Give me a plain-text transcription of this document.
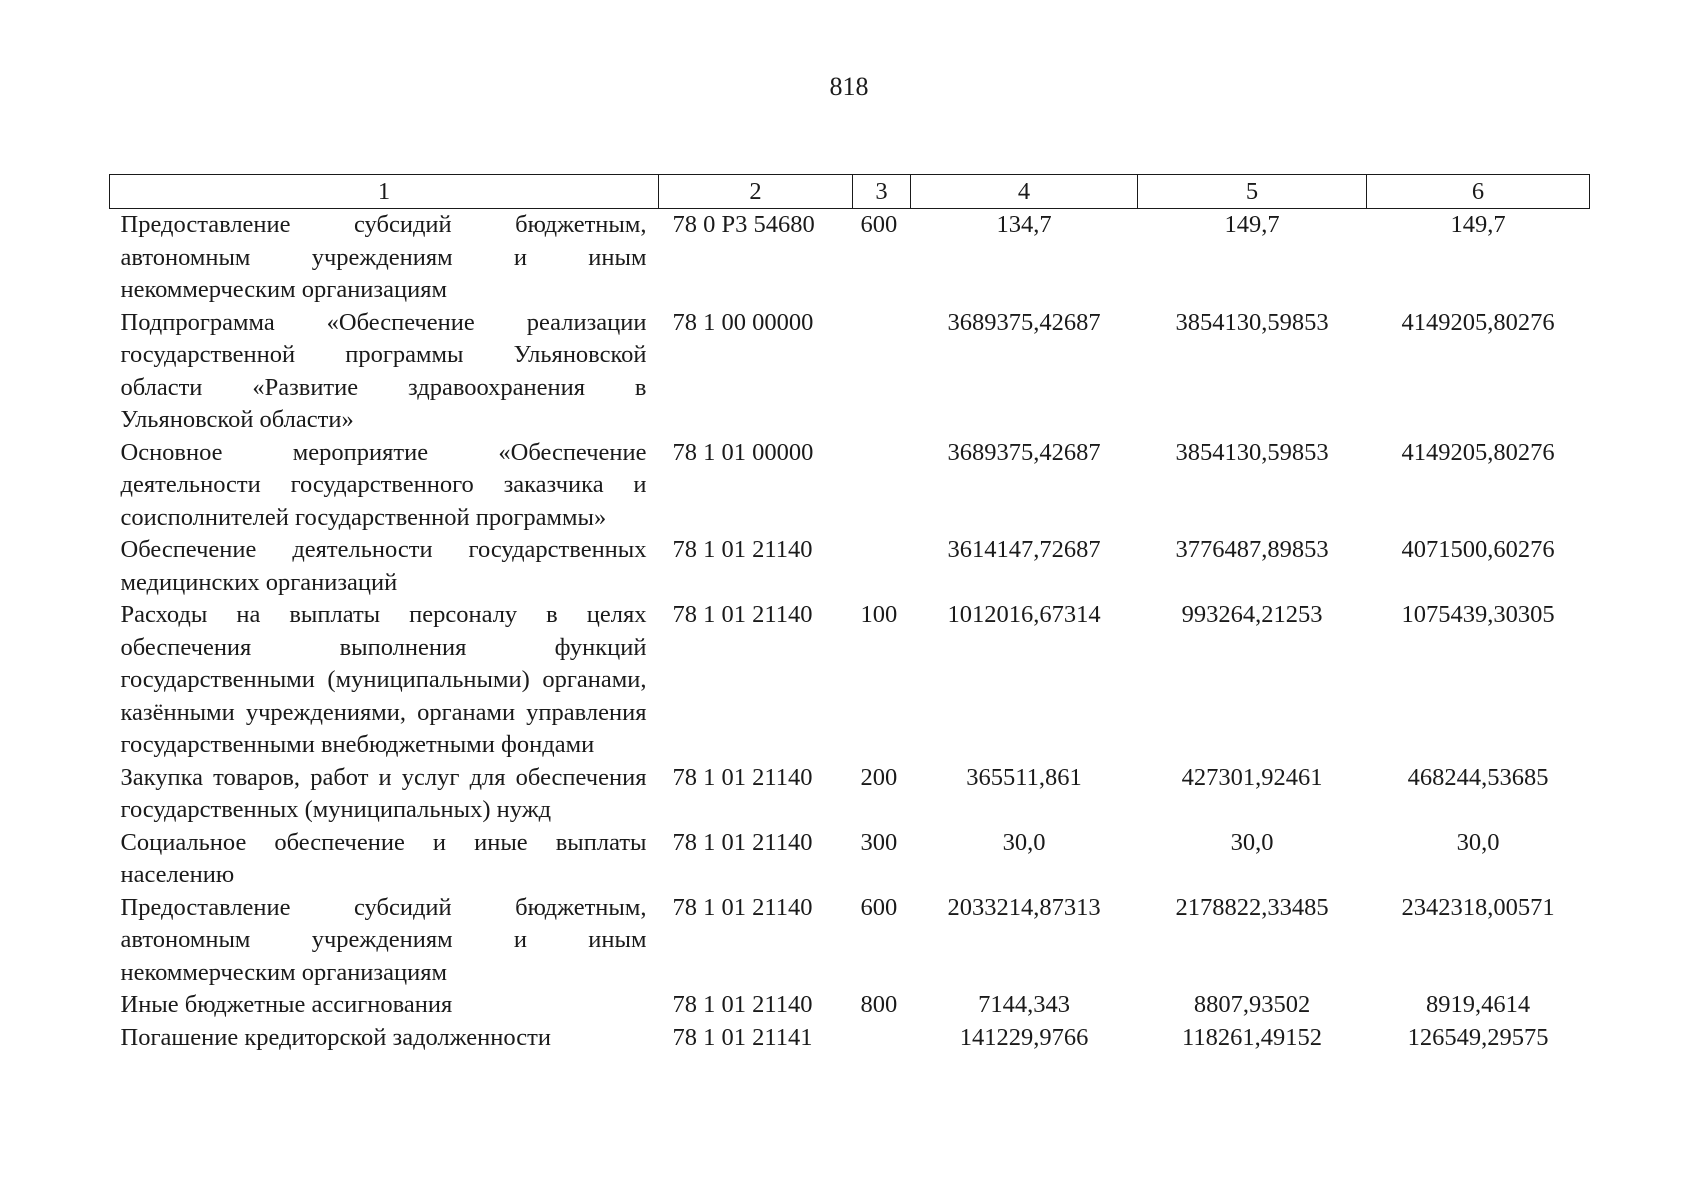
818
1	2	3	4	5	6
Предоставление субсидий бюджетным, автономным учреждениям и иным некоммерческим организациям	78 0 Р3 54680	600	134,7	149,7	149,7
Подпрограмма «Обеспечение реализации государственной программы Ульяновской области «Развитие здравоохранения в Ульяновской области»	78 1 00 00000		3689375,42687	3854130,59853	4149205,80276
Основное мероприятие «Обеспечение деятельности государственного заказчика и соисполнителей государственной программы»	78 1 01 00000		3689375,42687	3854130,59853	4149205,80276
Обеспечение деятельности государственных медицинских организаций	78 1 01 21140		3614147,72687	3776487,89853	4071500,60276
Расходы на выплаты персоналу в целях обеспечения выполнения функций государственными (муниципальными) органами, казёнными учреждениями, органами управления государственными внебюджетными фондами	78 1 01 21140	100	1012016,67314	993264,21253	1075439,30305
Закупка товаров, работ и услуг для обеспечения государственных (муниципальных) нужд	78 1 01 21140	200	365511,861	427301,92461	468244,53685
Социальное обеспечение и иные выплаты населению	78 1 01 21140	300	30,0	30,0	30,0
Предоставление субсидий бюджетным, автономным учреждениям и иным некоммерческим организациям	78 1 01 21140	600	2033214,87313	2178822,33485	2342318,00571
Иные бюджетные ассигнования	78 1 01 21140	800	7144,343	8807,93502	8919,4614
Погашение кредиторской задолженности	78 1 01 21141		141229,9766	118261,49152	126549,29575
